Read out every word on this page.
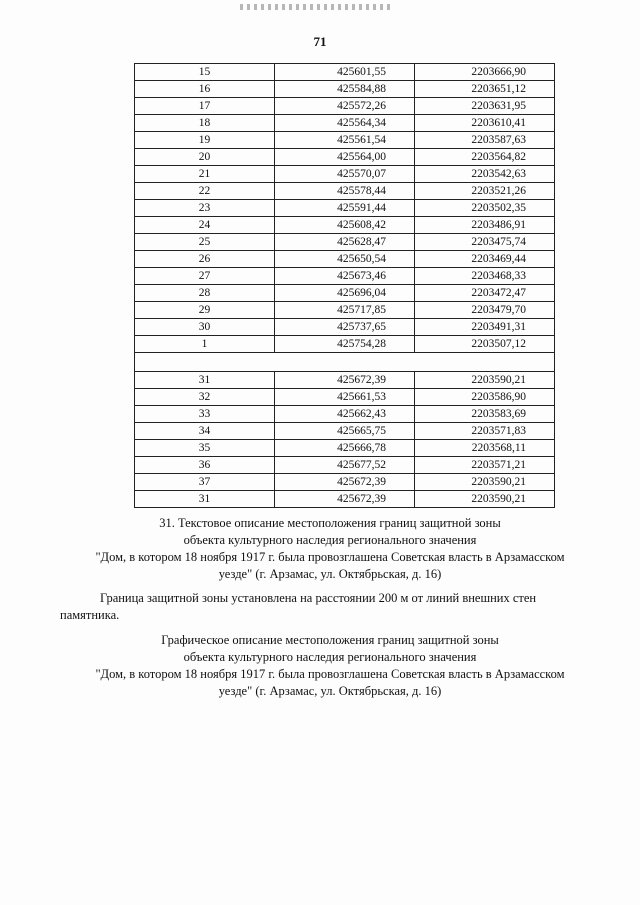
71
15	425601,55	2203666,90
16	425584,88	2203651,12
17	425572,26	2203631,95
18	425564,34	2203610,41
19	425561,54	2203587,63
20	425564,00	2203564,82
21	425570,07	2203542,63
22	425578,44	2203521,26
23	425591,44	2203502,35
24	425608,42	2203486,91
25	425628,47	2203475,74
26	425650,54	2203469,44
27	425673,46	2203468,33
28	425696,04	2203472,47
29	425717,85	2203479,70
30	425737,65	2203491,31
1	425754,28	2203507,12

31	425672,39	2203590,21
32	425661,53	2203586,90
33	425662,43	2203583,69
34	425665,75	2203571,83
35	425666,78	2203568,11
36	425677,52	2203571,21
37	425672,39	2203590,21
31	425672,39	2203590,21
31. Текстовое описание местоположения границ защитной зоны
объекта культурного наследия регионального значения
"Дом, в котором 18 ноября 1917 г. была провозглашена Советская власть в Арзамасском
уезде" (г. Арзамас, ул. Октябрьская, д. 16)
Граница защитной зоны установлена на расстоянии 200 м от линий внешних стен
памятника.
Графическое описание местоположения границ защитной зоны
объекта культурного наследия регионального значения
"Дом, в котором 18 ноября 1917 г. была провозглашена Советская власть в Арзамасском
уезде" (г. Арзамас, ул. Октябрьская, д. 16)
